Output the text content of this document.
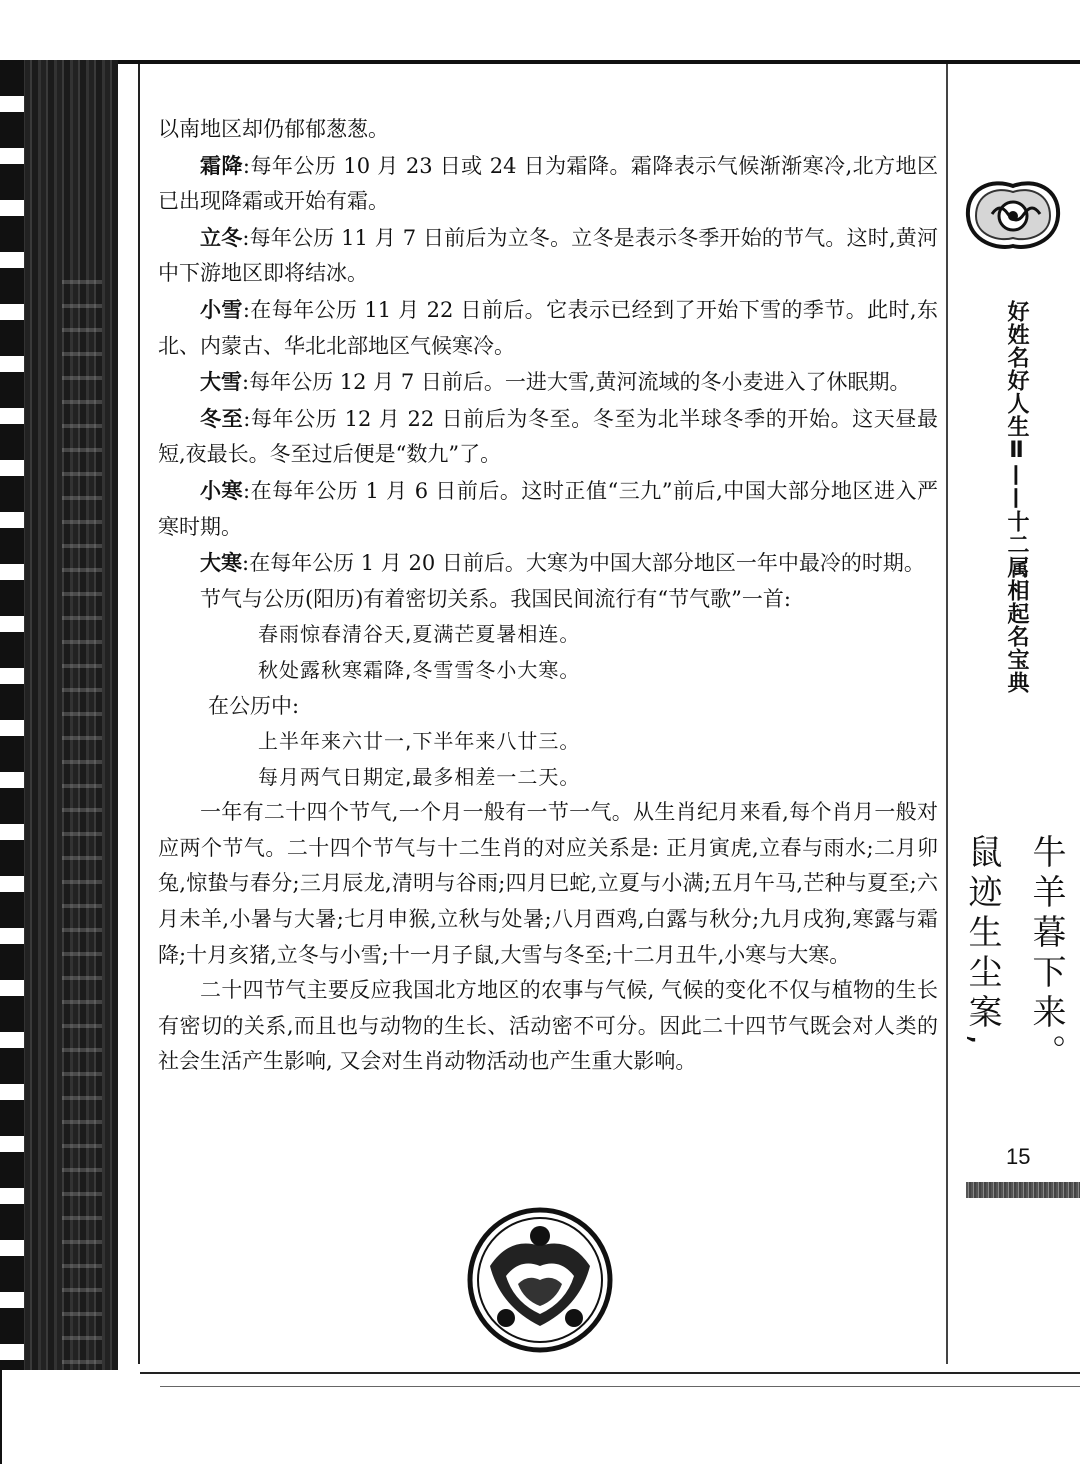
以南地区却仍郁郁葱葱。

霜降:每年公历 10 月 23 日或 24 日为霜降。霜降表示气候渐渐寒冷,北方地区已出现降霜或开始有霜。

立冬:每年公历 11 月 7 日前后为立冬。立冬是表示冬季开始的节气。这时,黄河中下游地区即将结冰。

小雪:在每年公历 11 月 22 日前后。它表示已经到了开始下雪的季节。此时,东北、内蒙古、华北北部地区气候寒冷。

大雪:每年公历 12 月 7 日前后。一进大雪,黄河流域的冬小麦进入了休眠期。

冬至:每年公历 12 月 22 日前后为冬至。冬至为北半球冬季的开始。这天昼最短,夜最长。冬至过后便是“数九”了。

小寒:在每年公历 1 月 6 日前后。这时正值“三九”前后,中国大部分地区进入严寒时期。

大寒:在每年公历 1 月 20 日前后。大寒为中国大部分地区一年中最冷的时期。

节气与公历(阳历)有着密切关系。我国民间流行有“节气歌”一首:

春雨惊春清谷天,夏满芒夏暑相连。

秋处露秋寒霜降,冬雪雪冬小大寒。

在公历中:

上半年来六廿一,下半年来八廿三。

每月两气日期定,最多相差一二天。

一年有二十四个节气,一个月一般有一节一气。从生肖纪月来看,每个肖月一般对应两个节气。二十四个节气与十二生肖的对应关系是: 正月寅虎,立春与雨水;二月卯兔,惊蛰与春分;三月辰龙,清明与谷雨;四月巳蛇,立夏与小满;五月午马,芒种与夏至;六月未羊,小暑与大暑;七月申猴,立秋与处暑;八月酉鸡,白露与秋分;九月戌狗,寒露与霜降;十月亥猪,立冬与小雪;十一月子鼠,大雪与冬至;十二月丑牛,小寒与大寒。

二十四节气主要反应我国北方地区的农事与气候, 气候的变化不仅与植物的生长有密切的关系,而且也与动物的生长、活动密不可分。因此二十四节气既会对人类的社会生活产生影响, 又会对生肖动物活动也产生重大影响。

好姓名好人生Ⅱ——十二属相起名宝典
牛羊暮下来。
鼠迹生尘案,
15
